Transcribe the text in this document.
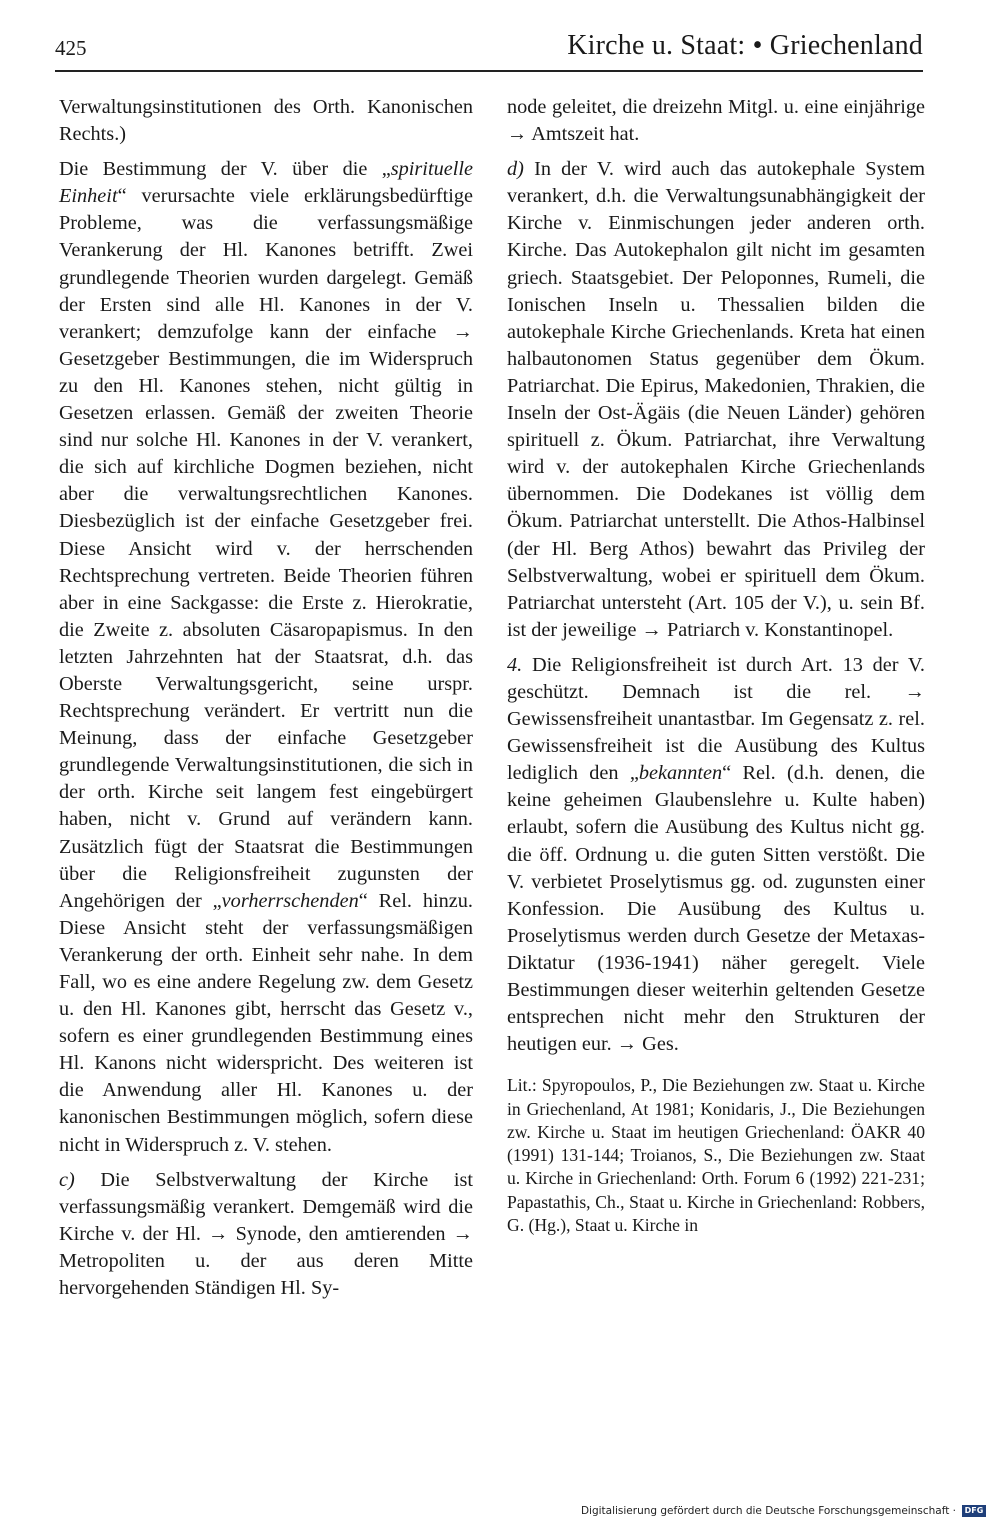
425	Kirche u. Staat: • Griechenland

Verwaltungsinstitutionen des Orth. Kanonischen Rechts.)

Die Bestimmung der V. über die „spirituelle Einheit“ verursachte viele erklärungsbedürftige Probleme, was die verfassungsmäßige Verankerung der Hl. Kanones betrifft. Zwei grundlegende Theorien wurden dargelegt. Gemäß der Ersten sind alle Hl. Kanones in der V. verankert; demzufolge kann der einfache → Gesetzgeber Bestimmungen, die im Widerspruch zu den Hl. Kanones stehen, nicht gültig in Gesetzen erlassen. Gemäß der zweiten Theorie sind nur solche Hl. Kanones in der V. verankert, die sich auf kirchliche Dogmen beziehen, nicht aber die verwaltungsrechtlichen Kanones. Diesbezüglich ist der einfache Gesetzgeber frei. Diese Ansicht wird v. der herrschenden Rechtsprechung vertreten. Beide Theorien führen aber in eine Sackgasse: die Erste z. Hierokratie, die Zweite z. absoluten Cäsaropapismus. In den letzten Jahrzehnten hat der Staatsrat, d.h. das Oberste Verwaltungsgericht, seine urspr. Rechtsprechung verändert. Er vertritt nun die Meinung, dass der einfache Gesetzgeber grundlegende Verwaltungsinstitutionen, die sich in der orth. Kirche seit langem fest eingebürgert haben, nicht v. Grund auf verändern kann. Zusätzlich fügt der Staatsrat die Bestimmungen über die Religionsfreiheit zugunsten der Angehörigen der „vorherrschenden“ Rel. hinzu. Diese Ansicht steht der verfassungsmäßigen Verankerung der orth. Einheit sehr nahe. In dem Fall, wo es eine andere Regelung zw. dem Gesetz u. den Hl. Kanones gibt, herrscht das Gesetz v., sofern es einer grundlegenden Bestimmung eines Hl. Kanons nicht widerspricht. Des weiteren ist die Anwendung aller Hl. Kanones u. der kanonischen Bestimmungen möglich, sofern diese nicht in Widerspruch z. V. stehen.

c) Die Selbstverwaltung der Kirche ist verfassungsmäßig verankert. Demgemäß wird die Kirche v. der Hl. → Synode, den amtierenden → Metropoliten u. der aus deren Mitte hervorgehenden Ständigen Hl. Sy-

node geleitet, die dreizehn Mitgl. u. eine einjährige → Amtszeit hat.

d) In der V. wird auch das autokephale System verankert, d.h. die Verwaltungsunabhängigkeit der Kirche v. Einmischungen jeder anderen orth. Kirche. Das Autokephalon gilt nicht im gesamten griech. Staatsgebiet. Der Peloponnes, Rumeli, die Ionischen Inseln u. Thessalien bilden die autokephale Kirche Griechenlands. Kreta hat einen halbautonomen Status gegenüber dem Ökum. Patriarchat. Die Epirus, Makedonien, Thrakien, die Inseln der Ost-Ägäis (die Neuen Länder) gehören spirituell z. Ökum. Patriarchat, ihre Verwaltung wird v. der autokephalen Kirche Griechenlands übernommen. Die Dodekanes ist völlig dem Ökum. Patriarchat unterstellt. Die Athos-Halbinsel (der Hl. Berg Athos) bewahrt das Privileg der Selbstverwaltung, wobei er spirituell dem Ökum. Patriarchat untersteht (Art. 105 der V.), u. sein Bf. ist der jeweilige → Patriarch v. Konstantinopel.

4. Die Religionsfreiheit ist durch Art. 13 der V. geschützt. Demnach ist die rel. → Gewissensfreiheit unantastbar. Im Gegensatz z. rel. Gewissensfreiheit ist die Ausübung des Kultus lediglich den „bekannten“ Rel. (d.h. denen, die keine geheimen Glaubenslehre u. Kulte haben) erlaubt, sofern die Ausübung des Kultus nicht gg. die öff. Ordnung u. die guten Sitten verstößt. Die V. verbietet Proselytismus gg. od. zugunsten einer Konfession. Die Ausübung des Kultus u. Proselytismus werden durch Gesetze der Metaxas-Diktatur (1936-1941) näher geregelt. Viele Bestimmungen dieser weiterhin geltenden Gesetze entsprechen nicht mehr den Strukturen der heutigen eur. → Ges.

Lit.: Spyropoulos, P., Die Beziehungen zw. Staat u. Kirche in Griechenland, At 1981; Konidaris, J., Die Beziehungen zw. Kirche u. Staat im heutigen Griechenland: ÖAKR 40 (1991) 131-144; Troianos, S., Die Beziehungen zw. Staat u. Kirche in Griechenland: Orth. Forum 6 (1992) 221-231; Papastathis, Ch., Staat u. Kirche in Griechenland: Robbers, G. (Hg.), Staat u. Kirche in

Digitalisierung gefördert durch die Deutsche Forschungsgemeinschaft ·	DFG
